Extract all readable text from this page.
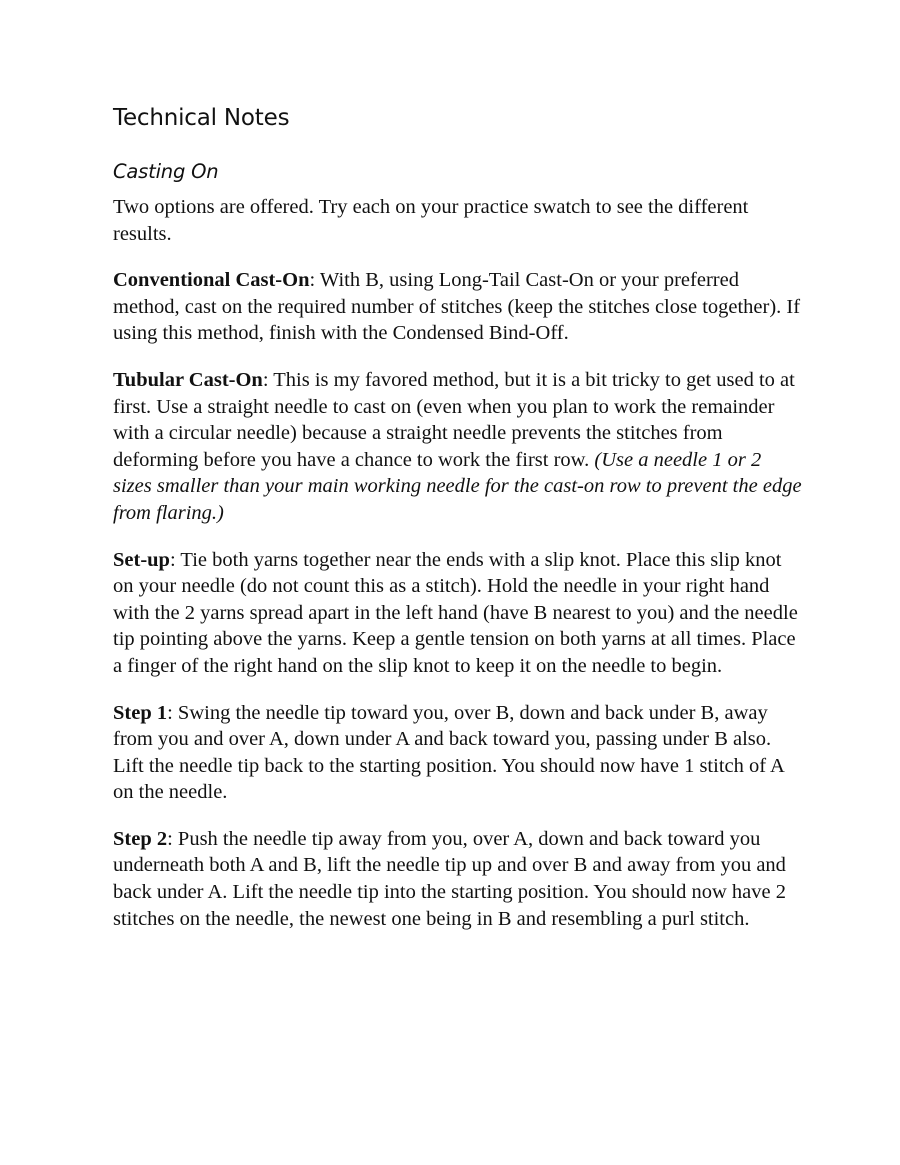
Technical Notes
Casting On

Two options are offered. Try each on your practice swatch to see the different results.

Conventional Cast-On: With B, using Long-Tail Cast-On or your preferred method, cast on the required number of stitches (keep the stitches close together). If using this method, finish with the Condensed Bind-Off.

Tubular Cast-On: This is my favored method, but it is a bit tricky to get used to at first. Use a straight needle to cast on (even when you plan to work the remainder with a circular needle) because a straight needle prevents the stitches from deforming before you have a chance to work the first row. (Use a needle 1 or 2 sizes smaller than your main working needle for the cast-on row to prevent the edge from flaring.)

Set-up: Tie both yarns together near the ends with a slip knot. Place this slip knot on your needle (do not count this as a stitch). Hold the needle in your right hand with the 2 yarns spread apart in the left hand (have B nearest to you) and the needle tip pointing above the yarns. Keep a gentle tension on both yarns at all times. Place a finger of the right hand on the slip knot to keep it on the needle to begin.

Step 1: Swing the needle tip toward you, over B, down and back under B, away from you and over A, down under A and back toward you, passing under B also. Lift the needle tip back to the starting position. You should now have 1 stitch of A on the needle.

Step 2: Push the needle tip away from you, over A, down and back toward you underneath both A and B, lift the needle tip up and over B and away from you and back under A. Lift the needle tip into the starting position. You should now have 2 stitches on the needle, the newest one being in B and resembling a purl stitch.
